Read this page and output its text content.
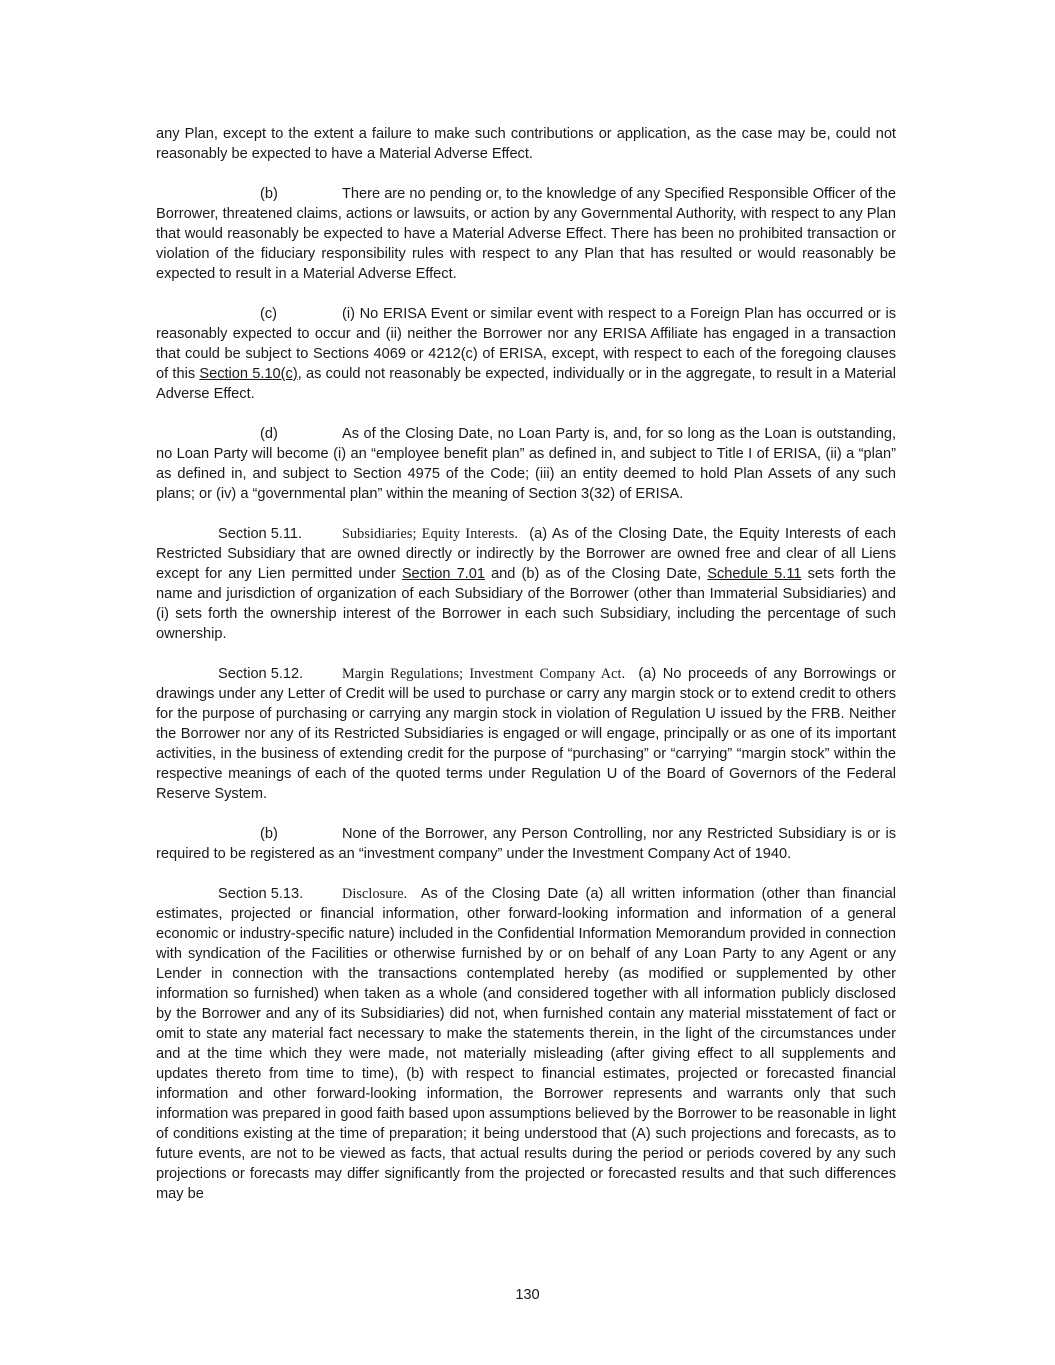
any Plan, except to the extent a failure to make such contributions or application, as the case may be, could not reasonably be expected to have a Material Adverse Effect.

(b)	There are no pending or, to the knowledge of any Specified Responsible Officer of the Borrower, threatened claims, actions or lawsuits, or action by any Governmental Authority, with respect to any Plan that would reasonably be expected to have a Material Adverse Effect. There has been no prohibited transaction or violation of the fiduciary responsibility rules with respect to any Plan that has resulted or would reasonably be expected to result in a Material Adverse Effect.

(c)	(i) No ERISA Event or similar event with respect to a Foreign Plan has occurred or is reasonably expected to occur and (ii) neither the Borrower nor any ERISA Affiliate has engaged in a transaction that could be subject to Sections 4069 or 4212(c) of ERISA, except, with respect to each of the foregoing clauses of this Section 5.10(c), as could not reasonably be expected, individually or in the aggregate, to result in a Material Adverse Effect.

(d)	As of the Closing Date, no Loan Party is, and, for so long as the Loan is outstanding, no Loan Party will become (i) an “employee benefit plan” as defined in, and subject to Title I of ERISA, (ii) a “plan” as defined in, and subject to Section 4975 of the Code; (iii) an entity deemed to hold Plan Assets of any such plans; or (iv) a “governmental plan” within the meaning of Section 3(32) of ERISA.

Section 5.11.	Subsidiaries; Equity Interests. (a) As of the Closing Date, the Equity Interests of each Restricted Subsidiary that are owned directly or indirectly by the Borrower are owned free and clear of all Liens except for any Lien permitted under Section 7.01 and (b) as of the Closing Date, Schedule 5.11 sets forth the name and jurisdiction of organization of each Subsidiary of the Borrower (other than Immaterial Subsidiaries) and (i) sets forth the ownership interest of the Borrower in each such Subsidiary, including the percentage of such ownership.

Section 5.12.	Margin Regulations; Investment Company Act. (a) No proceeds of any Borrowings or drawings under any Letter of Credit will be used to purchase or carry any margin stock or to extend credit to others for the purpose of purchasing or carrying any margin stock in violation of Regulation U issued by the FRB. Neither the Borrower nor any of its Restricted Subsidiaries is engaged or will engage, principally or as one of its important activities, in the business of extending credit for the purpose of “purchasing” or “carrying” “margin stock” within the respective meanings of each of the quoted terms under Regulation U of the Board of Governors of the Federal Reserve System.

(b)	None of the Borrower, any Person Controlling, nor any Restricted Subsidiary is or is required to be registered as an “investment company” under the Investment Company Act of 1940.

Section 5.13.	Disclosure. As of the Closing Date (a) all written information (other than financial estimates, projected or financial information, other forward-looking information and information of a general economic or industry-specific nature) included in the Confidential Information Memorandum provided in connection with syndication of the Facilities or otherwise furnished by or on behalf of any Loan Party to any Agent or any Lender in connection with the transactions contemplated hereby (as modified or supplemented by other information so furnished) when taken as a whole (and considered together with all information publicly disclosed by the Borrower and any of its Subsidiaries) did not, when furnished contain any material misstatement of fact or omit to state any material fact necessary to make the statements therein, in the light of the circumstances under and at the time which they were made, not materially misleading (after giving effect to all supplements and updates thereto from time to time), (b) with respect to financial estimates, projected or forecasted financial information and other forward-looking information, the Borrower represents and warrants only that such information was prepared in good faith based upon assumptions believed by the Borrower to be reasonable in light of conditions existing at the time of preparation; it being understood that (A) such projections and forecasts, as to future events, are not to be viewed as facts, that actual results during the period or periods covered by any such projections or forecasts may differ significantly from the projected or forecasted results and that such differences may be

130
